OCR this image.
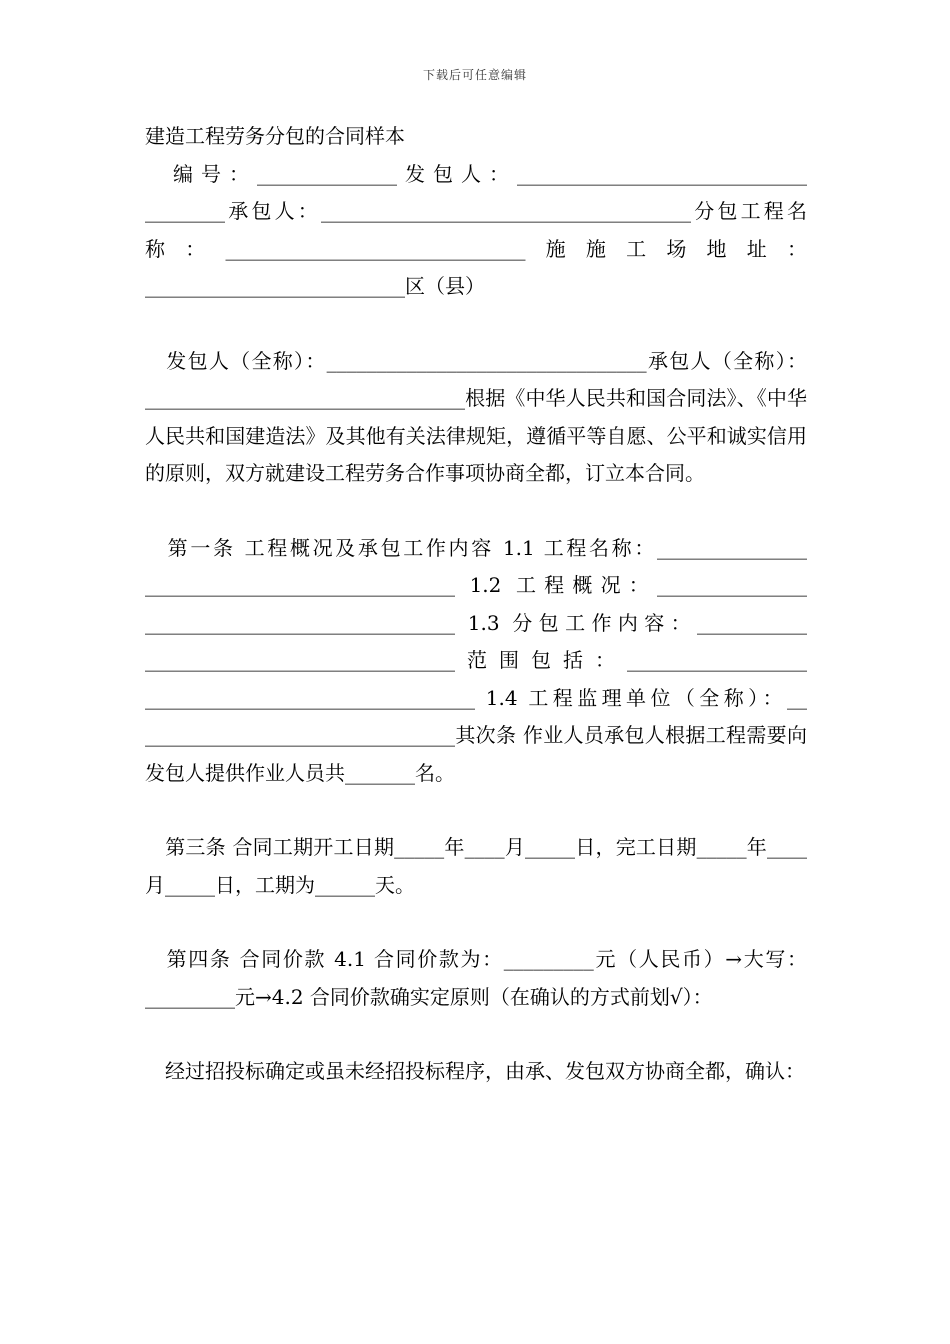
下载后可任意编辑

建造工程劳务分包的合同样本

　编号：______________发包人：_____________________________ ________承包人：_____________________________________分包工程名称：______________________________施施工场地址：__________________________区（县）

　发包人（全称）：________________________________承包人（全称）：________________________________根据《中华人民共和国合同法》、《中华人民共和国建造法》及其他有关法律规矩，遵循平等自愿、公平和诚实信用的原则，双方就建设工程劳务合作事项协商全都，订立本合同。

　第一条 工程概况及承包工作内容 1.1 工程名称：_______________ _______________________________ 1.2 工程概况：_______________ _______________________________ 1.3 分包工作内容：___________ _______________________________范围包括：__________________ _________________________________ 1.4 工程监理单位（全称）：__ _______________________________其次条 作业人员承包人根据工程需要向发包人提供作业人员共_______名。

　第三条 合同工期开工日期_____年____月_____日，完工日期_____年____月_____日，工期为______天。

　第四条 合同价款 4.1 合同价款为：_________元（人民币）→大写：_________元→4.2 合同价款确实定原则（在确认的方式前划√）：

　经过招投标确定或虽未经招投标程序，由承、发包双方协商全都，确认：
